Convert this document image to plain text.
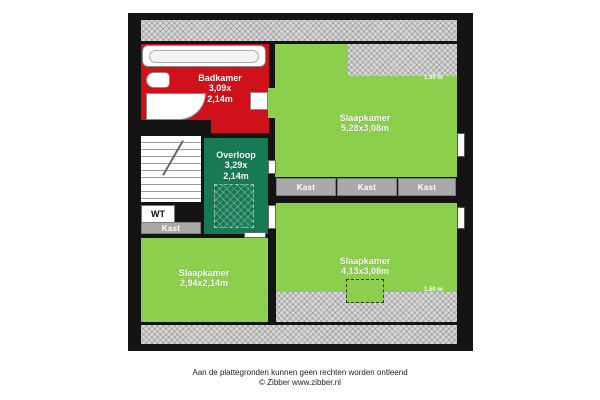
Badkamer
3,09x
2,14m
Overloop
3,29x
2,14m
WT
Kast
1.50 m
Slaapkamer
5,28x3,08m
Kast	Kast	Kast
1.50 m
Slaapkamer
4,13x3,08m
Slaapkamer
2,94x2,14m
Aan de plattegronden kunnen geen rechten worden ontleend
© Zibber www.zibber.nl
